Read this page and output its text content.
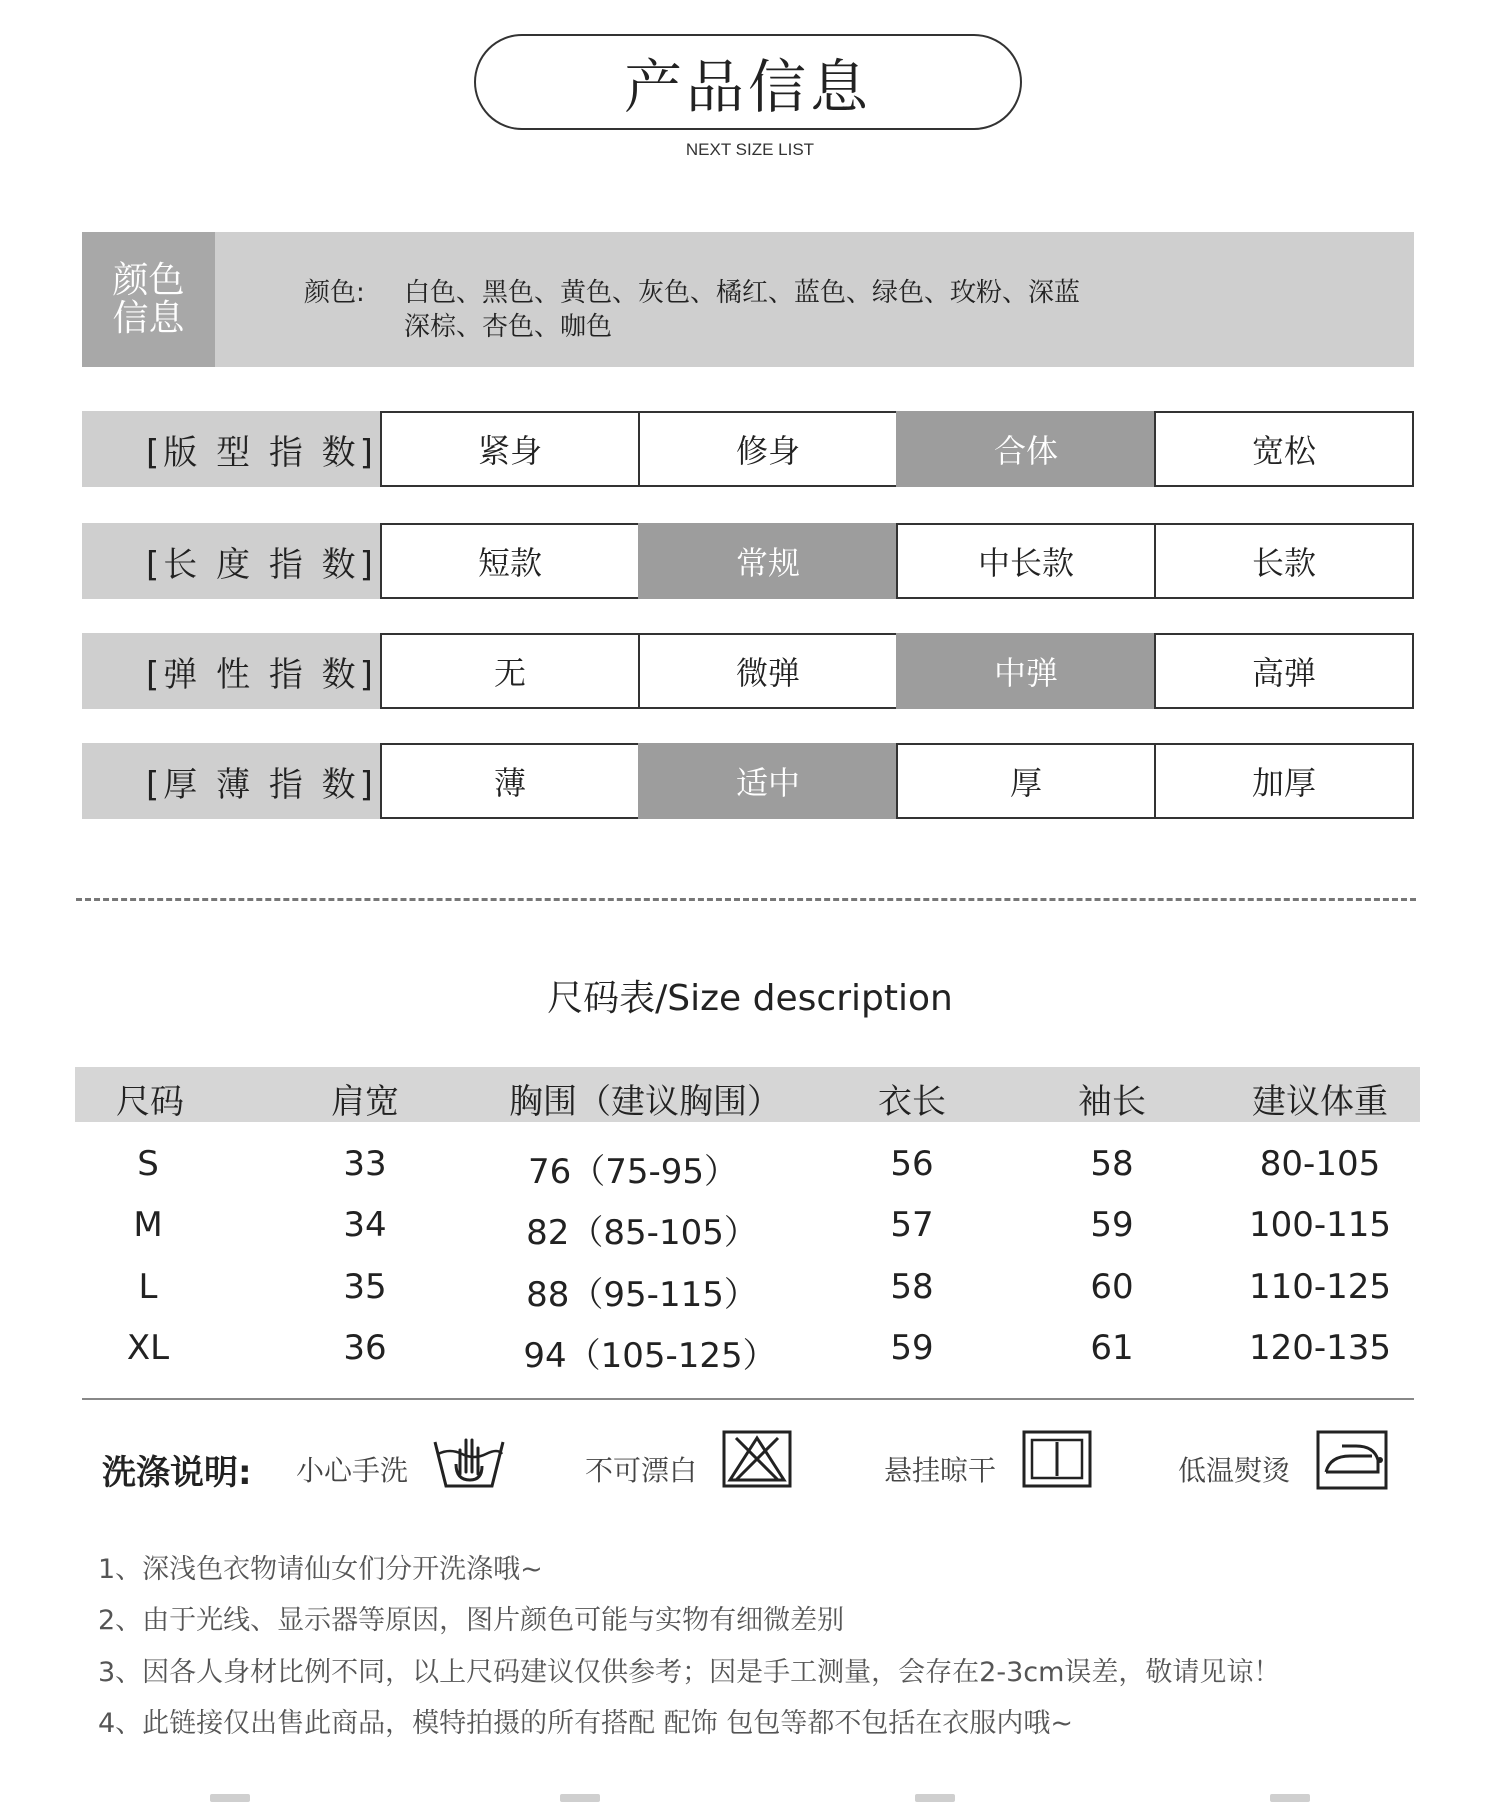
产品信息
NEXT SIZE LIST
颜色信息
颜色: 白色、黑色、黄色、灰色、橘红、蓝色、绿色、玫粉、深蓝
深棕、杏色、咖色
[版 型 指 数]	紧身	修身	合体	宽松
[长 度 指 数]	短款	常规	中长款	长款
[弹 性 指 数]	无	微弹	中弹	高弹
[厚 薄 指 数]	薄	适中	厚	加厚
尺码表/Size description
尺码	肩宽	胸围（建议胸围）	衣长	袖长	建议体重
S	33	76（75-95）	56	58	80-105
M	34	82（85-105）	57	59	100-115
L	35	88（95-115）	58	60	110-125
XL	36	94（105-125）	59	61	120-135
洗涤说明: 小心手洗	不可漂白	悬挂晾干	低温熨烫
1、深浅色衣物请仙女们分开洗涤哦~
2、由于光线、显示器等原因，图片颜色可能与实物有细微差别
3、因各人身材比例不同，以上尺码建议仅供参考；因是手工测量，会存在2-3cm误差，敬请见谅！
4、此链接仅出售此商品，模特拍摄的所有搭配 配饰 包包等都不包括在衣服内哦~
